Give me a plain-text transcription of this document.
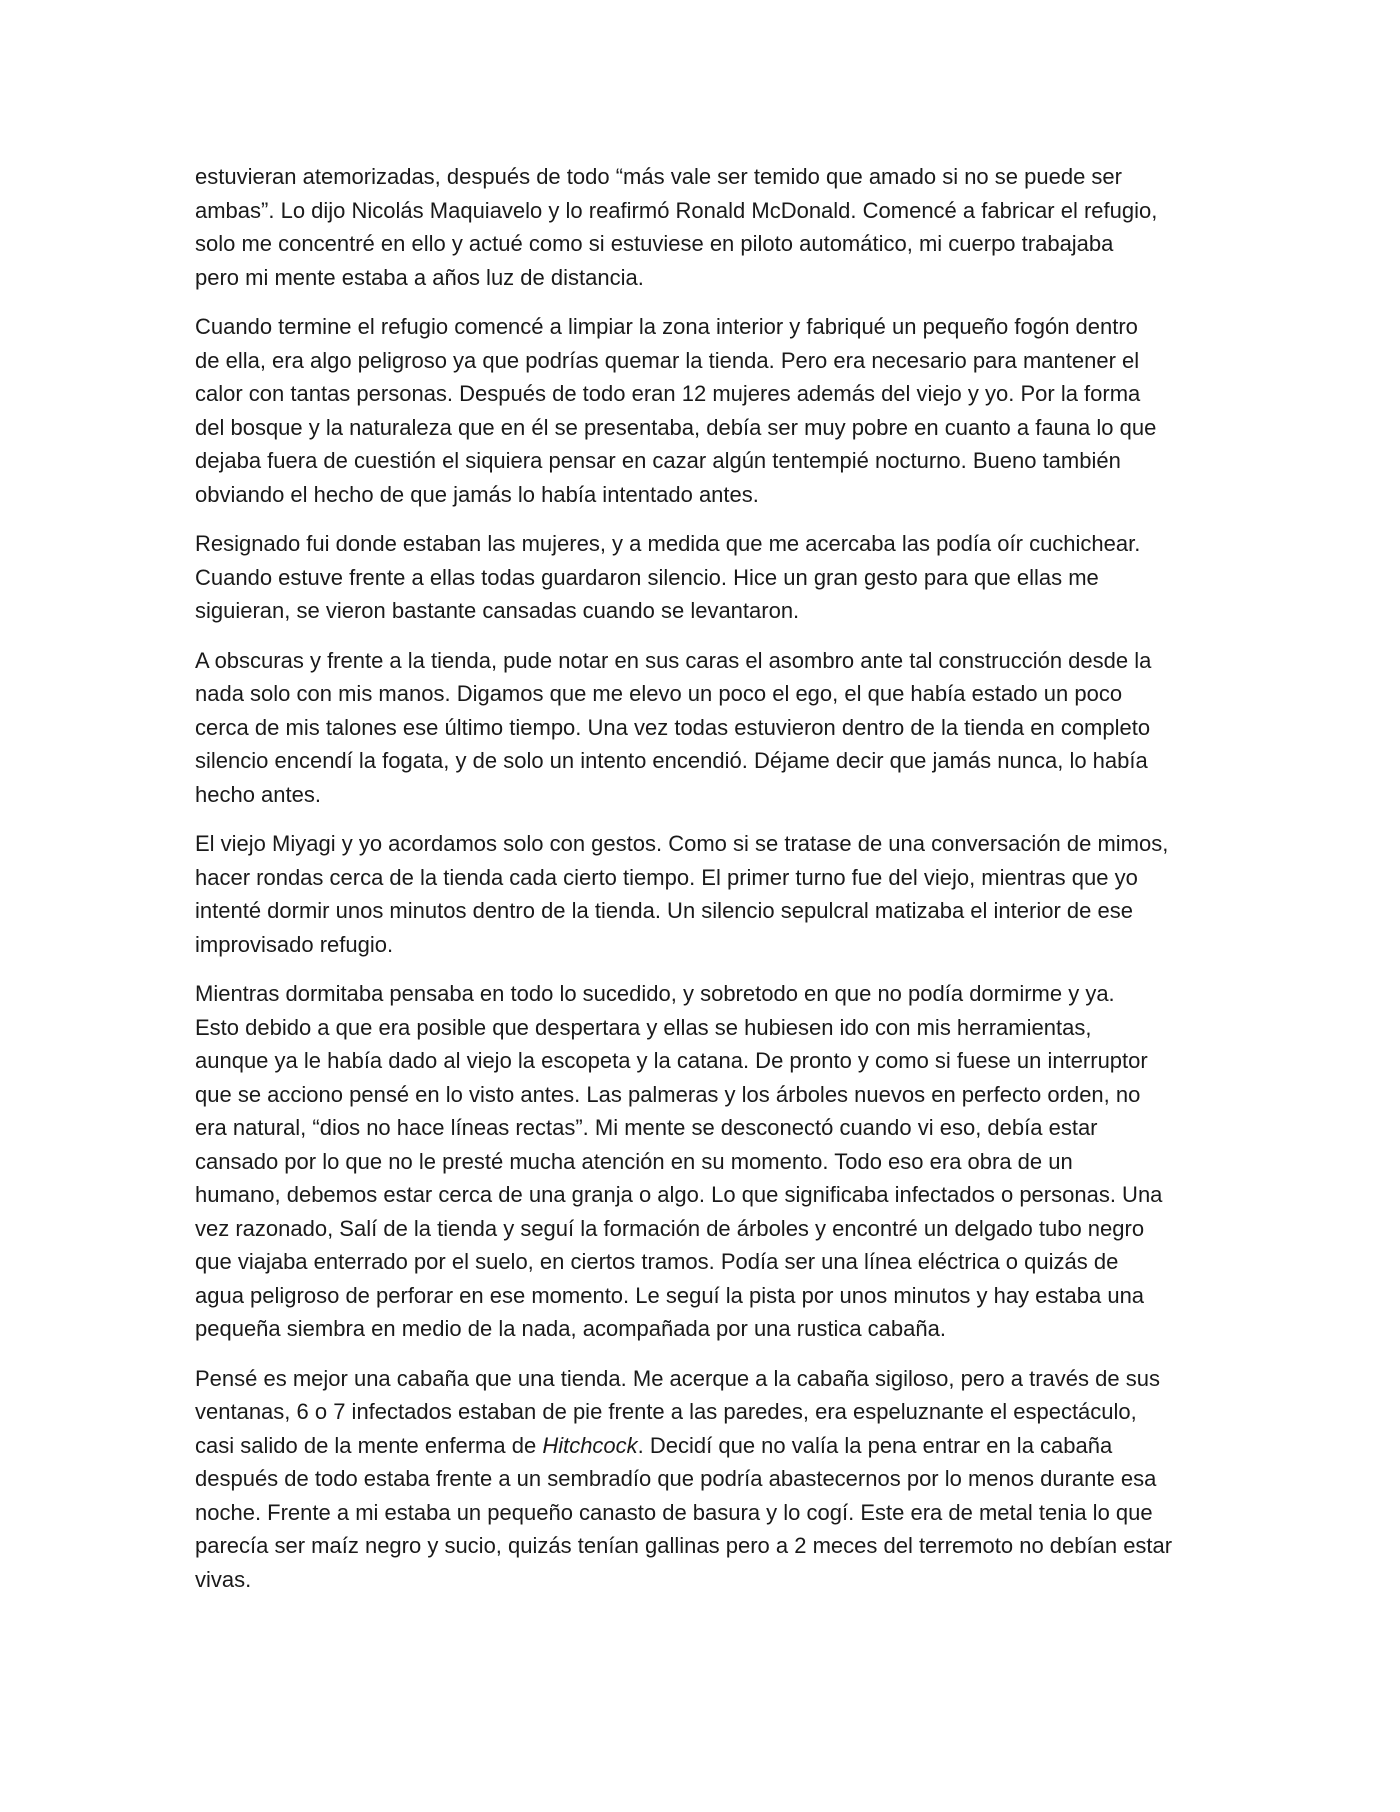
estuvieran atemorizadas, después de todo “más vale ser temido que amado si no se puede ser
ambas”. Lo dijo Nicolás Maquiavelo y lo reafirmó Ronald McDonald. Comencé a fabricar el refugio,
solo me concentré en ello y actué como si estuviese en piloto automático, mi cuerpo trabajaba
pero mi mente estaba a años luz de distancia.

Cuando termine el refugio comencé a limpiar la zona interior y fabriqué un pequeño fogón dentro
de ella, era algo peligroso ya que podrías quemar la tienda. Pero era necesario para mantener el
calor con tantas personas. Después de todo eran 12 mujeres además del viejo y yo. Por la forma
del bosque y la naturaleza que en él se presentaba, debía ser muy pobre en cuanto a fauna lo que
dejaba fuera de cuestión el siquiera pensar en cazar algún tentempié nocturno. Bueno también
obviando el hecho de que jamás lo había intentado antes.

Resignado fui donde estaban las mujeres, y a medida que me acercaba las podía oír cuchichear.
Cuando estuve frente a ellas todas guardaron silencio. Hice un gran gesto para que ellas me
siguieran, se vieron bastante cansadas cuando se levantaron.

A obscuras y frente a la tienda, pude notar en sus caras el asombro ante tal construcción desde la
nada solo con mis manos. Digamos que me elevo un poco el ego, el que había estado un poco
cerca de mis talones ese último tiempo. Una vez todas estuvieron dentro de la tienda en completo
silencio encendí la fogata, y de solo un intento encendió. Déjame decir que jamás nunca, lo había
hecho antes.

El viejo Miyagi y yo acordamos solo con gestos. Como si se tratase de una conversación de mimos,
hacer rondas cerca de la tienda cada cierto tiempo. El primer turno fue del viejo, mientras que yo
intenté dormir unos minutos dentro de la tienda. Un silencio sepulcral matizaba el interior de ese
improvisado refugio.

Mientras dormitaba pensaba en todo lo sucedido, y sobretodo en que no podía dormirme y ya.
Esto debido a que era posible que despertara y ellas se hubiesen ido con mis herramientas,
aunque ya le había dado al viejo la escopeta y la catana. De pronto y como si fuese un interruptor
que se acciono pensé en lo visto antes. Las palmeras y los árboles nuevos en perfecto orden, no
era natural, “dios no hace líneas rectas”. Mi mente se desconectó cuando vi eso, debía estar
cansado por lo que no le presté mucha atención en su momento. Todo eso era obra de un
humano, debemos estar cerca de una granja o algo. Lo que significaba infectados o personas. Una
vez razonado, Salí de la tienda y seguí la formación de árboles y encontré un delgado tubo negro
que viajaba enterrado por el suelo, en ciertos tramos. Podía ser una línea eléctrica o quizás de
agua peligroso de perforar en ese momento. Le seguí la pista por unos minutos y hay estaba una
pequeña siembra en medio de la nada, acompañada por una rustica cabaña.

Pensé es mejor una cabaña que una tienda. Me acerque a la cabaña sigiloso, pero a través de sus
ventanas, 6 o 7 infectados estaban de pie frente a las paredes, era espeluznante el espectáculo,
casi salido de la mente enferma de Hitchcock. Decidí que no valía la pena entrar en la cabaña
después de todo estaba frente a un sembradío que podría abastecernos por lo menos durante esa
noche. Frente a mi estaba un pequeño canasto de basura y lo cogí. Este era de metal tenia lo que
parecía ser maíz negro y sucio, quizás tenían gallinas pero a 2 meces del terremoto no debían estar
vivas.
